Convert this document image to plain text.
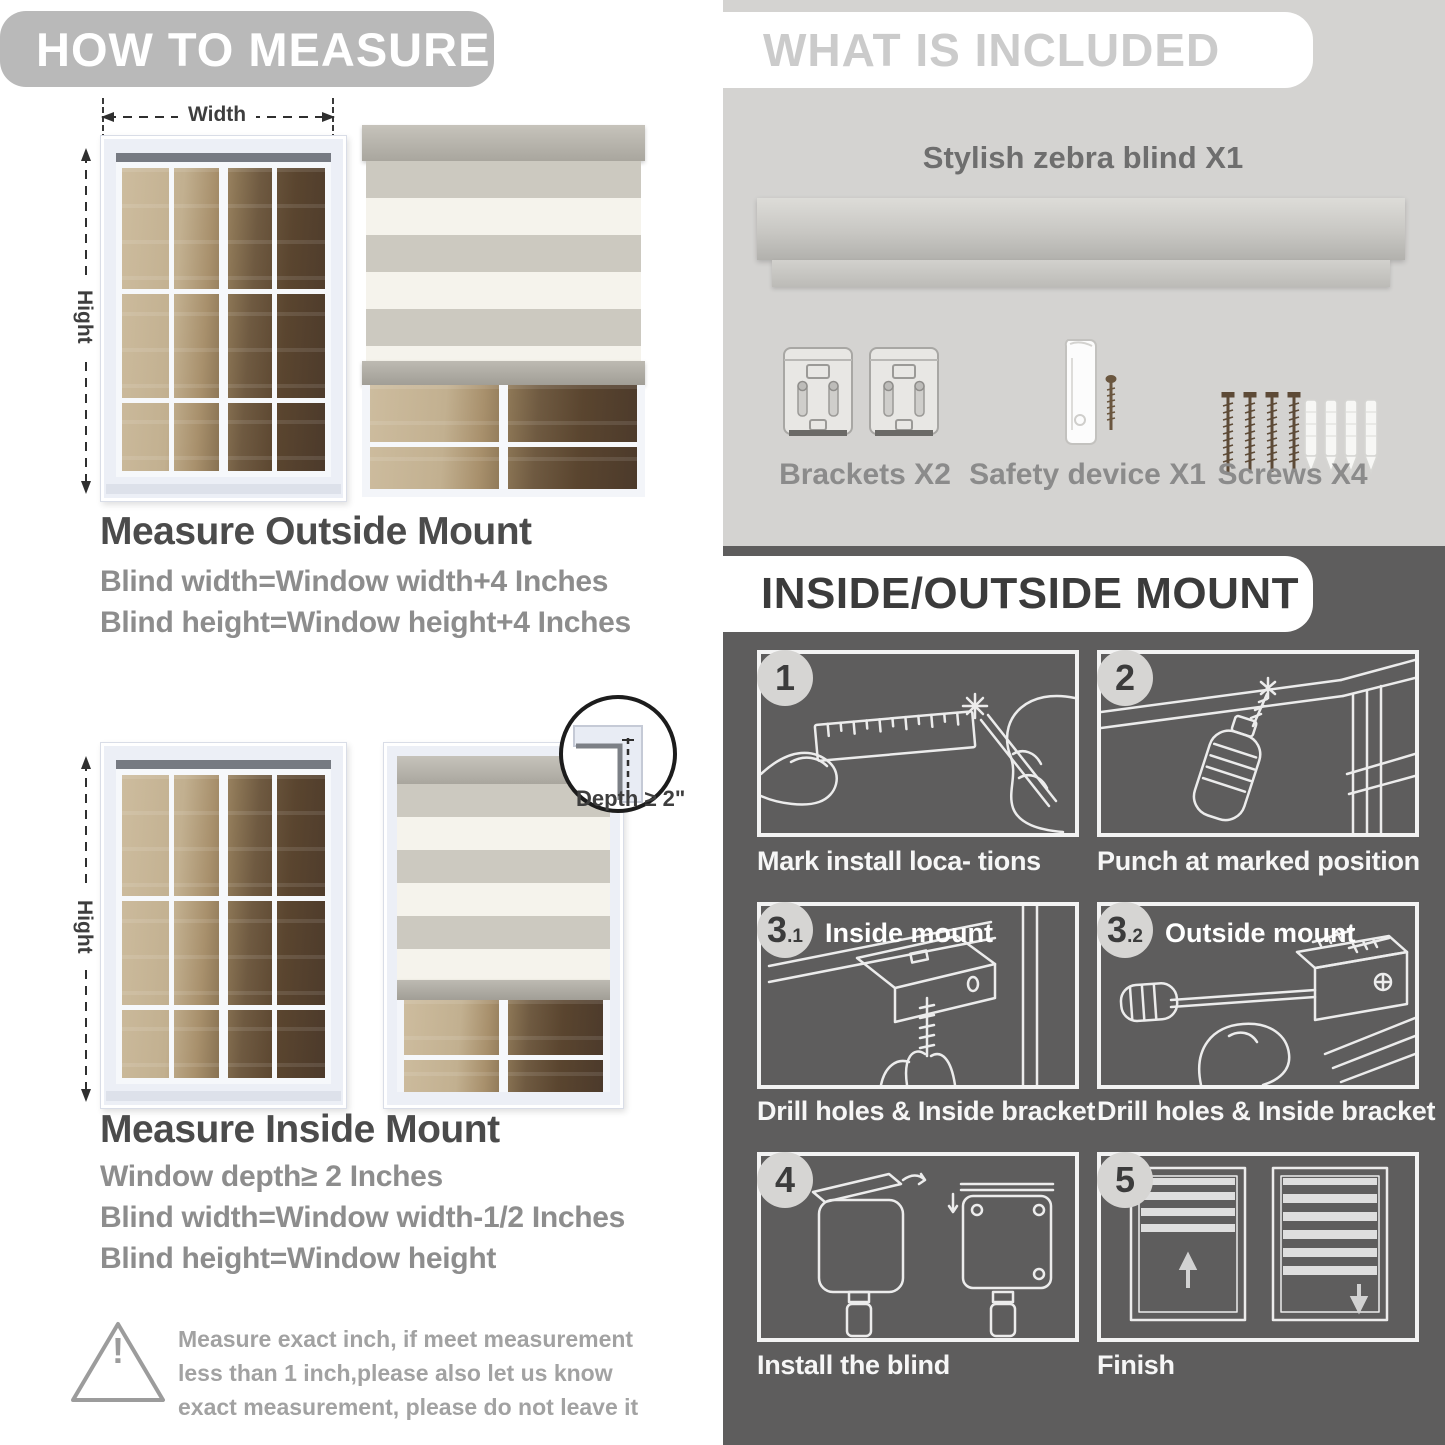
HOW TO MEASURE
Width
Hight
Measure Outside Mount
Blind width=Window width+4 Inches
Blind height=Window height+4 Inches
Hight
Depth ≥ 2"
Measure Inside Mount
Window depth≥ 2 Inches
Blind width=Window width-1/2 Inches
Blind height=Window height
!	Measure exact inch, if meet measurement less than 1 inch,please also let us know exact measurement, please do not leave it
WHAT IS INCLUDED
Stylish zebra blind X1
Brackets X2 Safety device X1 Screws X4
INSIDE/OUTSIDE MOUNT
1
Mark install loca- tions
2
Punch at marked position
3 .1 Inside mount
Drill holes & Inside bracket
3 .2 Outside mount
Drill holes & Inside bracket
4
Install the blind
5
Finish
